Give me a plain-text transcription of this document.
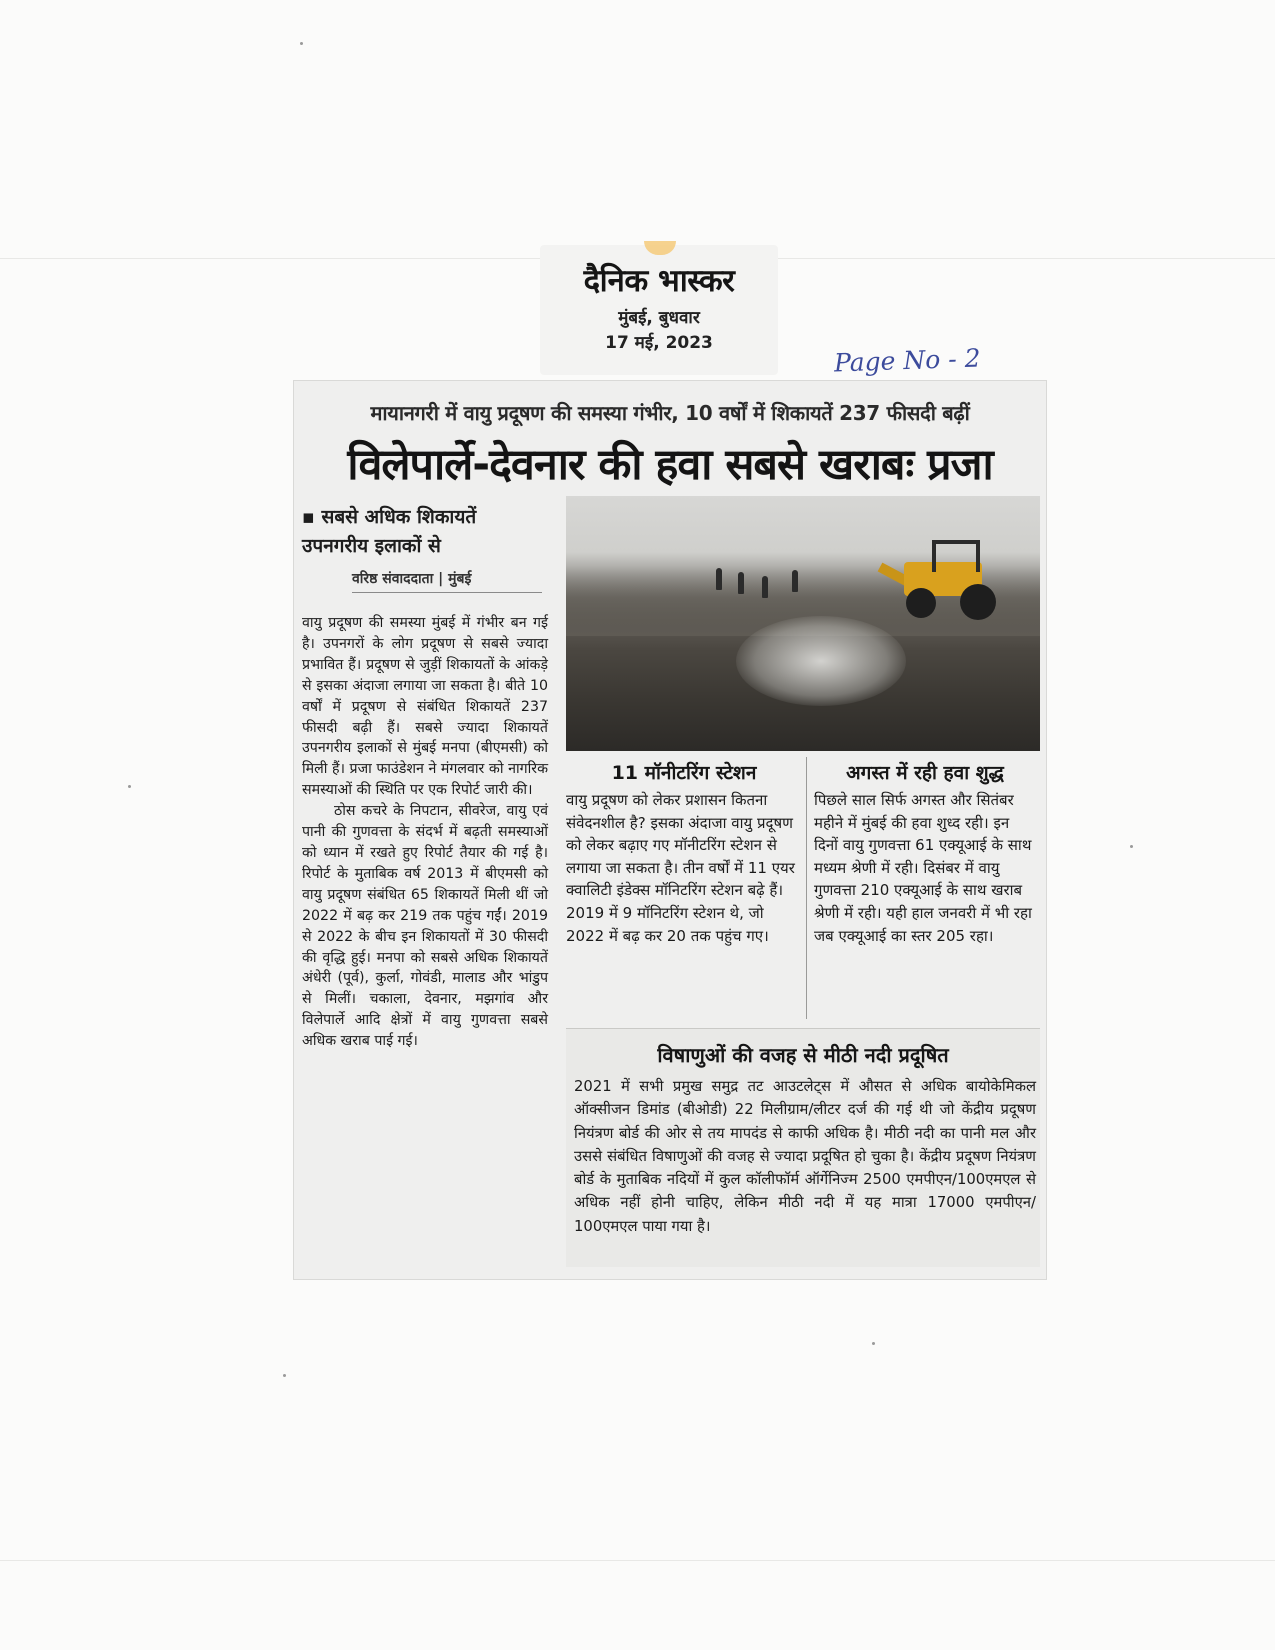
दैनिक भास्कर
मुंबई, बुधवार
17 मई, 2023
Page No - 2
मायानगरी में वायु प्रदूषण की समस्या गंभीर, 10 वर्षों में शिकायतें 237 फीसदी बढ़ीं
विलेपार्ले-देवनार की हवा सबसे खराबः प्रजा
▪ सबसे अधिक शिकायतें
उपनगरीय इलाकों से
वरिष्ठ संवाददाता | मुंबई

वायु प्रदूषण की समस्या मुंबई में गंभीर बन गई है। उपनगरों के लोग प्रदूषण से सबसे ज्यादा प्रभावित हैं। प्रदूषण से जुड़ीं शिकायतों के आंकड़े से इसका अंदाजा लगाया जा सकता है। बीते 10 वर्षों में प्रदूषण से संबंधित शिकायतें 237 फीसदी बढ़ी हैं। सबसे ज्यादा शिकायतें उपनगरीय इलाकों से मुंबई मनपा (बीएमसी) को मिली हैं। प्रजा फाउंडेशन ने मंगलवार को नागरिक समस्याओं की स्थिति पर एक रिपोर्ट जारी की।

ठोस कचरे के निपटान, सीवरेज, वायु एवं पानी की गुणवत्ता के संदर्भ में बढ़ती समस्याओं को ध्यान में रखते हुए रिपोर्ट तैयार की गई है। रिपोर्ट के मुताबिक वर्ष 2013 में बीएमसी को वायु प्रदूषण संबंधित 65 शिकायतें मिली थीं जो 2022 में बढ़ कर 219 तक पहुंच गईं। 2019 से 2022 के बीच इन शिकायतों में 30 फीसदी की वृद्धि हुई। मनपा को सबसे अधिक शिकायतें अंधेरी (पूर्व), कुर्ला, गोवंडी, मालाड और भांडुप से मिलीं। चकाला, देवनार, मझगांव और विलेपार्ले आदि क्षेत्रों में वायु गुणवत्ता सबसे अधिक खराब पाई गई।

11 मॉनीटरिंग स्टेशन
वायु प्रदूषण को लेकर प्रशासन कितना संवेदनशील है? इसका अंदाजा वायु प्रदूषण को लेकर बढ़ाए गए मॉनीटरिंग स्टेशन से लगाया जा सकता है। तीन वर्षों में 11 एयर क्वालिटी इंडेक्स मॉनिटरिंग स्टेशन बढ़े हैं। 2019 में 9 मॉनिटरिंग स्टेशन थे, जो 2022 में बढ़ कर 20 तक पहुंच गए।
अगस्त में रही हवा शुद्ध
पिछले साल सिर्फ अगस्त और सितंबर महीने में मुंबई की हवा शुध्द रही। इन दिनों वायु गुणवत्ता 61 एक्यूआई के साथ मध्यम श्रेणी में रही। दिसंबर में वायु गुणवत्ता 210 एक्यूआई के साथ खराब श्रेणी में रही। यही हाल जनवरी में भी रहा जब एक्यूआई का स्तर 205 रहा।
विषाणुओं की वजह से मीठी नदी प्रदूषित
2021 में सभी प्रमुख समुद्र तट आउटलेट्स में औसत से अधिक बायोकेमिकल ऑक्सीजन डिमांड (बीओडी) 22 मिलीग्राम/लीटर दर्ज की गई थी जो केंद्रीय प्रदूषण नियंत्रण बोर्ड की ओर से तय मापदंड से काफी अधिक है। मीठी नदी का पानी मल और उससे संबंधित विषाणुओं की वजह से ज्यादा प्रदूषित हो चुका है। केंद्रीय प्रदूषण नियंत्रण बोर्ड के मुताबिक नदियों में कुल कॉलीफॉर्म ऑर्गेनिज्म 2500 एमपीएन/100एमएल से अधिक नहीं होनी चाहिए, लेकिन मीठी नदी में यह मात्रा 17000 एमपीएन/ 100एमएल पाया गया है।
